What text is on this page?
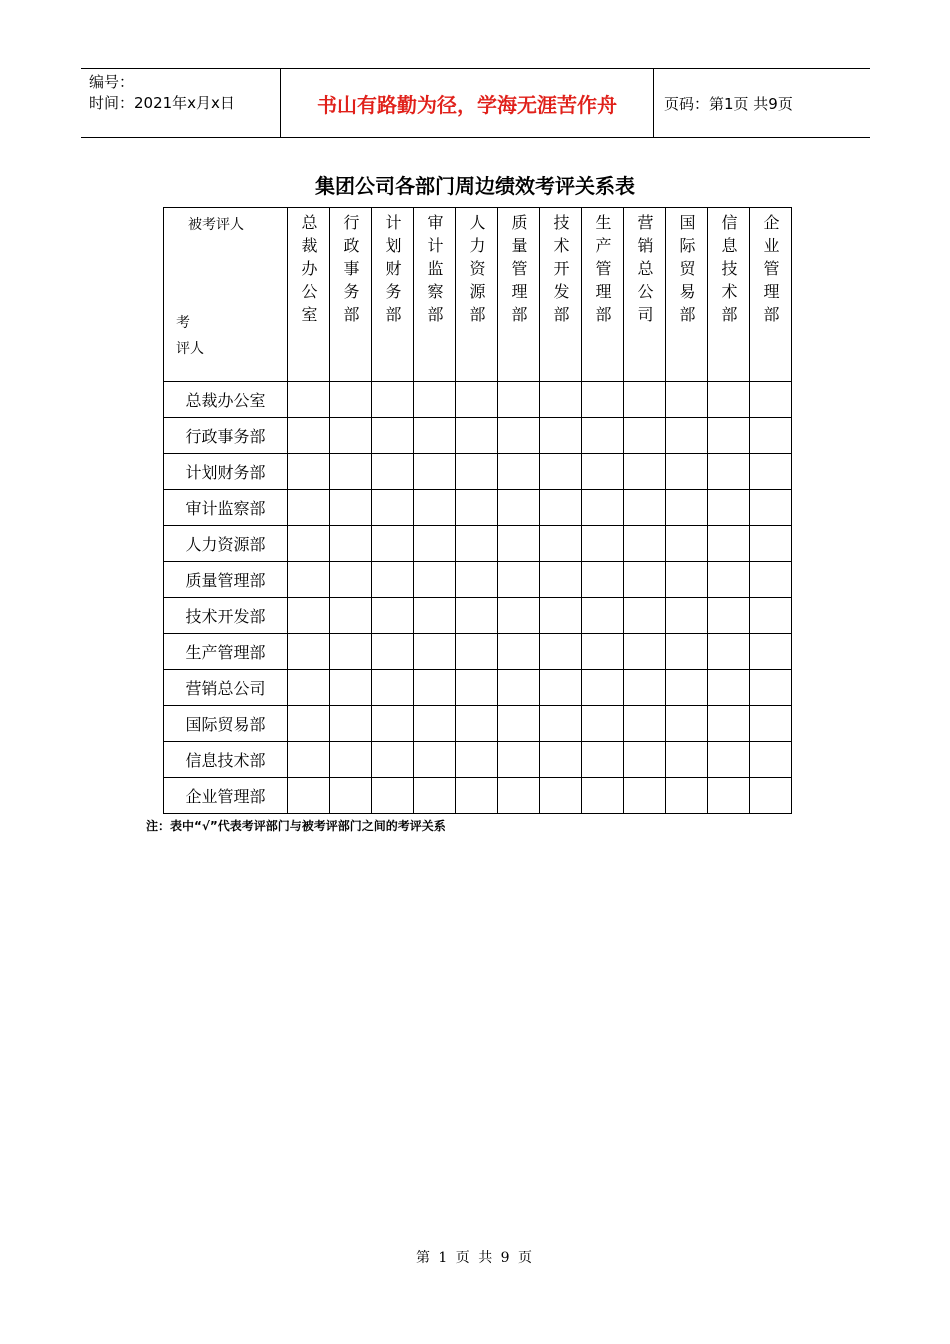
编号：
时间：2021年x月x日	书山有路勤为径，学海无涯苦作舟	页码：第1页 共9页
集团公司各部门周边绩效考评关系表
被考评人
考
评人	总裁办公室	行政事务部	计划财务部	审计监察部	人力资源部	质量管理部	技术开发部	生产管理部	营销总公司	国际贸易部	信息技术部	企业管理部

总裁办公室												
行政事务部												
计划财务部												
审计监察部												
人力资源部												
质量管理部												
技术开发部												
生产管理部												
营销总公司												
国际贸易部												
信息技术部												
企业管理部												
注：表中“√”代表考评部门与被考评部门之间的考评关系
第 1 页 共 9 页
